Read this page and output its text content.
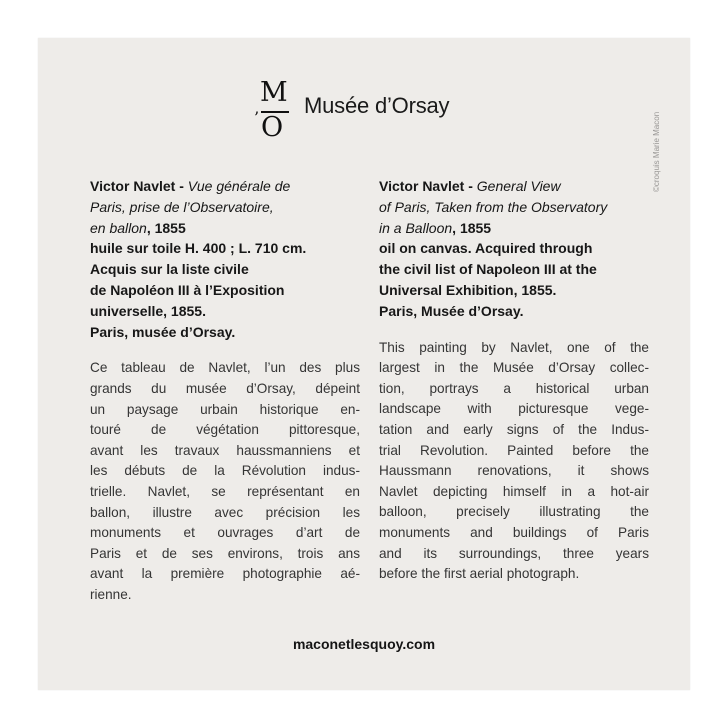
M
’ O
Musée d’Orsay
©croquis Marie Macon

Victor Navlet - Vue générale de

Paris, prise de l’Observatoire,

en ballon, 1855

huile sur toile H. 400 ; L. 710 cm.

Acquis sur la liste civile

de Napoléon III à l’Exposition

universelle, 1855.

Paris, musée d’Orsay.

Ce tableau de Navlet, l’un des plus

grands du musée d’Orsay, dépeint

un paysage urbain historique en-

touré de végétation pittoresque,

avant les travaux haussmanniens et

les débuts de la Révolution indus-

trielle. Navlet, se représentant en

ballon, illustre avec précision les

monuments et ouvrages d’art de

Paris et de ses environs, trois ans

avant la première photographie aé-

rienne.

Victor Navlet - General View

of Paris, Taken from the Observatory

in a Balloon, 1855

oil on canvas. Acquired through

the civil list of Napoleon III at the

Universal Exhibition, 1855.

Paris, Musée d’Orsay.

This painting by Navlet, one of the

largest in the Musée d’Orsay collec-

tion, portrays a historical urban

landscape with picturesque vege-

tation and early signs of the Indus-

trial Revolution. Painted before the

Haussmann renovations, it shows

Navlet depicting himself in a hot-air

balloon, precisely illustrating the

monuments and buildings of Paris

and its surroundings, three years

before the first aerial photograph.

maconetlesquoy.com
